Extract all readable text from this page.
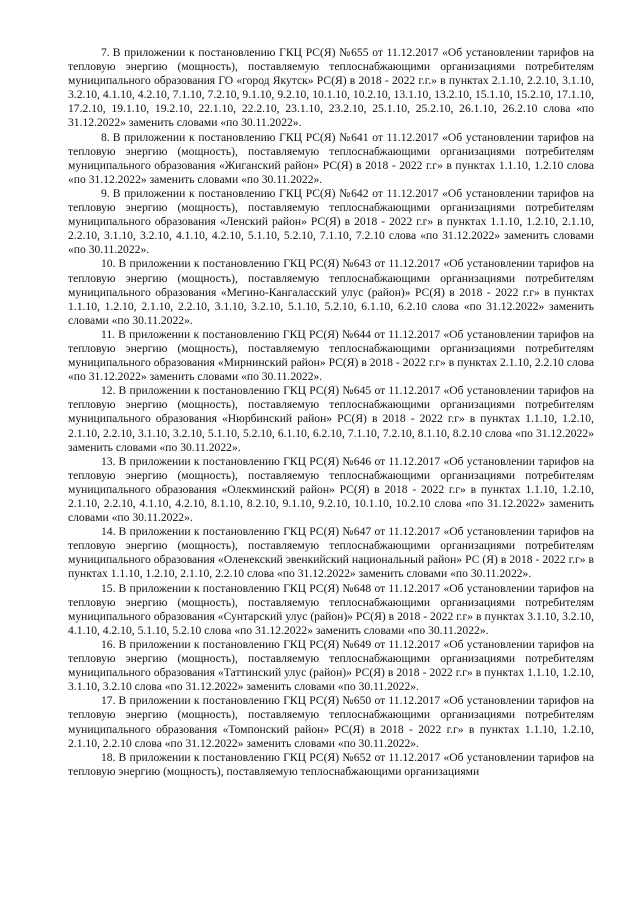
7. В приложении к постановлению ГКЦ РС(Я) №655 от 11.12.2017 «Об установлении тарифов на тепловую энергию (мощность), поставляемую теплоснабжающими организациями потребителям муниципального образования ГО «город Якутск» РС(Я) в 2018 - 2022 г.г.» в пунктах 2.1.10, 2.2.10, 3.1.10, 3.2.10, 4.1.10, 4.2.10, 7.1.10, 7.2.10, 9.1.10, 9.2.10, 10.1.10, 10.2.10, 13.1.10, 13.2.10, 15.1.10, 15.2.10, 17.1.10, 17.2.10, 19.1.10, 19.2.10, 22.1.10, 22.2.10, 23.1.10, 23.2.10, 25.1.10, 25.2.10, 26.1.10, 26.2.10 слова «по 31.12.2022» заменить словами «по 30.11.2022».

8. В приложении к постановлению ГКЦ РС(Я) №641 от 11.12.2017 «Об установлении тарифов на тепловую энергию (мощность), поставляемую теплоснабжающими организациями потребителям муниципального образования «Жиганский район» РС(Я) в 2018 - 2022 г.г» в пунктах 1.1.10, 1.2.10 слова «по 31.12.2022» заменить словами «по 30.11.2022».

9. В приложении к постановлению ГКЦ РС(Я) №642 от 11.12.2017 «Об установлении тарифов на тепловую энергию (мощность), поставляемую теплоснабжающими организациями потребителям муниципального образования «Ленский район» РС(Я) в 2018 - 2022 г.г» в пунктах 1.1.10, 1.2.10, 2.1.10, 2.2.10, 3.1.10, 3.2.10, 4.1.10, 4.2.10, 5.1.10, 5.2.10, 7.1.10, 7.2.10 слова «по 31.12.2022» заменить словами «по 30.11.2022».

10. В приложении к постановлению ГКЦ РС(Я) №643 от 11.12.2017 «Об установлении тарифов на тепловую энергию (мощность), поставляемую теплоснабжающими организациями потребителям муниципального образования «Мегино-Кангаласский улус (район)» РС(Я) в 2018 - 2022 г.г» в пунктах 1.1.10, 1.2.10, 2.1.10, 2.2.10, 3.1.10, 3.2.10, 5.1.10, 5.2.10, 6.1.10, 6.2.10 слова «по 31.12.2022» заменить словами «по 30.11.2022».

11. В приложении к постановлению ГКЦ РС(Я) №644 от 11.12.2017 «Об установлении тарифов на тепловую энергию (мощность), поставляемую теплоснабжающими организациями потребителям муниципального образования «Мирнинский район» РС(Я) в 2018 - 2022 г.г» в пунктах 2.1.10, 2.2.10 слова «по 31.12.2022» заменить словами «по 30.11.2022».

12. В приложении к постановлению ГКЦ РС(Я) №645 от 11.12.2017 «Об установлении тарифов на тепловую энергию (мощность), поставляемую теплоснабжающими организациями потребителям муниципального образования «Нюрбинский район» РС(Я) в 2018 - 2022 г.г» в пунктах 1.1.10, 1.2.10, 2.1.10, 2.2.10, 3.1.10, 3.2.10, 5.1.10, 5.2.10, 6.1.10, 6.2.10, 7.1.10, 7.2.10, 8.1.10, 8.2.10 слова «по 31.12.2022» заменить словами «по 30.11.2022».

13. В приложении к постановлению ГКЦ РС(Я) №646 от 11.12.2017 «Об установлении тарифов на тепловую энергию (мощность), поставляемую теплоснабжающими организациями потребителям муниципального образования «Олекминский район» РС(Я) в 2018 - 2022 г.г» в пунктах 1.1.10, 1.2.10, 2.1.10, 2.2.10, 4.1.10, 4.2.10, 8.1.10, 8.2.10, 9.1.10, 9.2.10, 10.1.10, 10.2.10 слова «по 31.12.2022» заменить словами «по 30.11.2022».

14. В приложении к постановлению ГКЦ РС(Я) №647 от 11.12.2017 «Об установлении тарифов на тепловую энергию (мощность), поставляемую теплоснабжающими организациями потребителям муниципального образования «Оленекский эвенкийский национальный район» РС (Я) в 2018 - 2022 г.г» в пунктах 1.1.10, 1.2.10, 2.1.10, 2.2.10 слова «по 31.12.2022» заменить словами «по 30.11.2022».

15. В приложении к постановлению ГКЦ РС(Я) №648 от 11.12.2017 «Об установлении тарифов на тепловую энергию (мощность), поставляемую теплоснабжающими организациями потребителям муниципального образования «Сунтарский улус (район)» РС(Я) в 2018 - 2022 г.г» в пунктах 3.1.10, 3.2.10, 4.1.10, 4.2.10, 5.1.10, 5.2.10 слова «по 31.12.2022» заменить словами «по 30.11.2022».

16. В приложении к постановлению ГКЦ РС(Я) №649 от 11.12.2017 «Об установлении тарифов на тепловую энергию (мощность), поставляемую теплоснабжающими организациями потребителям муниципального образования «Таттинский улус (район)» РС(Я) в 2018 - 2022 г.г» в пунктах 1.1.10, 1.2.10, 3.1.10, 3.2.10 слова «по 31.12.2022» заменить словами «по 30.11.2022».

17. В приложении к постановлению ГКЦ РС(Я) №650 от 11.12.2017 «Об установлении тарифов на тепловую энергию (мощность), поставляемую теплоснабжающими организациями потребителям муниципального образования «Томпонский район» РС(Я) в 2018 - 2022 г.г» в пунктах 1.1.10, 1.2.10, 2.1.10, 2.2.10 слова «по 31.12.2022» заменить словами «по 30.11.2022».

18. В приложении к постановлению ГКЦ РС(Я) №652 от 11.12.2017 «Об установлении тарифов на тепловую энергию (мощность), поставляемую теплоснабжающими организациями
